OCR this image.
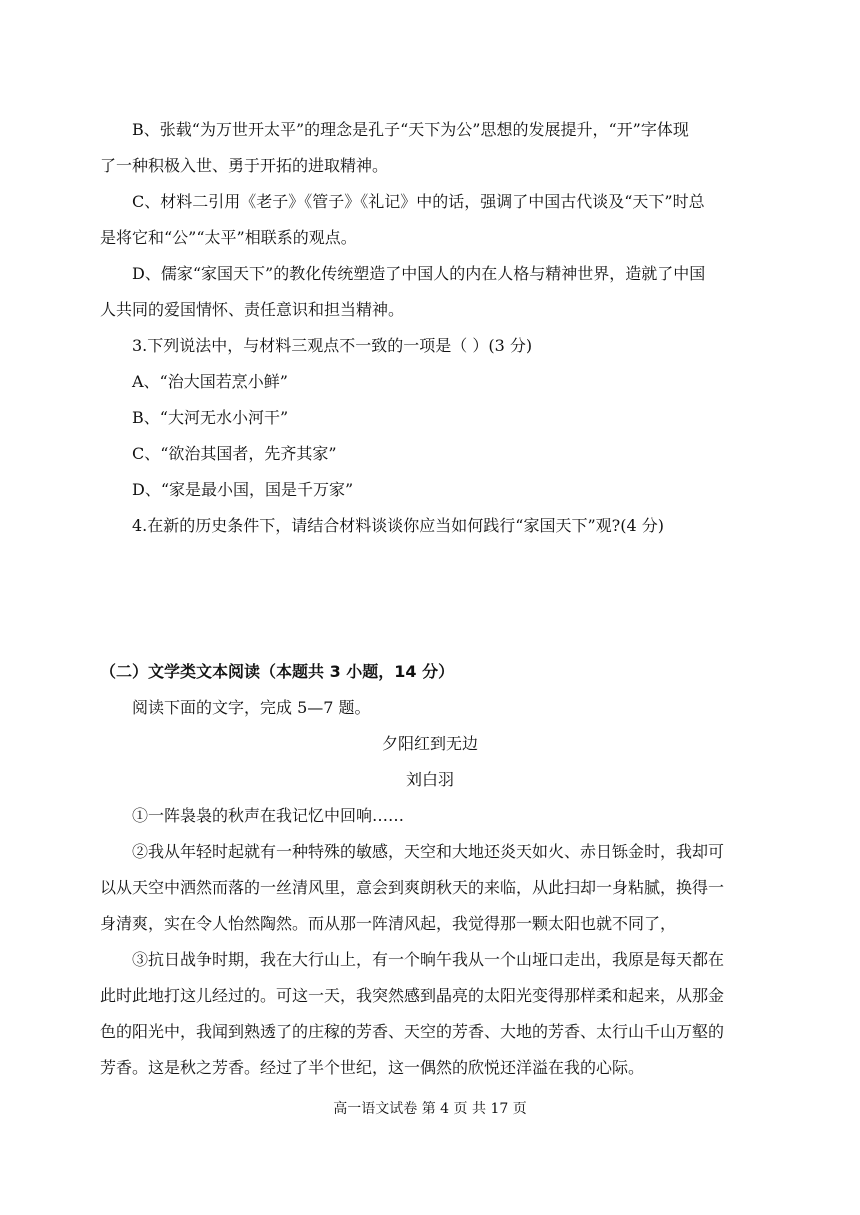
B、张载“为万世开太平”的理念是孔子“天下为公”思想的发展提升，“开”字体现
了一种积极入世、勇于开拓的进取精神。
C、材料二引用《老子》《管子》《礼记》中的话，强调了中国古代谈及“天下”时总
是将它和“公”“太平”相联系的观点。
D、儒家“家国天下”的教化传统塑造了中国人的内在人格与精神世界，造就了中国
人共同的爱国情怀、责任意识和担当精神。
3.下列说法中，与材料三观点不一致的一项是（ ）(3 分)
A、“治大国若烹小鲜”
B、“大河无水小河干”
C、“欲治其国者，先齐其家”
D、“家是最小国，国是千万家”
4.在新的历史条件下，请结合材料谈谈你应当如何践行“家国天下”观?(4 分)
（二）文学类文本阅读（本题共 3 小题，14 分）
阅读下面的文字，完成 5—7 题。
夕阳红到无边
刘白羽
①一阵袅袅的秋声在我记忆中回响……
②我从年轻时起就有一种特殊的敏感，天空和大地还炎天如火、赤日铄金时，我却可
以从天空中洒然而落的一丝清风里，意会到爽朗秋天的来临，从此扫却一身粘腻，换得一
身清爽，实在令人怡然陶然。而从那一阵清风起，我觉得那一颗太阳也就不同了，
③抗日战争时期，我在大行山上，有一个晌午我从一个山垭口走出，我原是每天都在
此时此地打这儿经过的。可这一天，我突然感到晶亮的太阳光变得那样柔和起来，从那金
色的阳光中，我闻到熟透了的庄稼的芳香、天空的芳香、大地的芳香、太行山千山万壑的
芳香。这是秋之芳香。经过了半个世纪，这一偶然的欣悦还洋溢在我的心际。
高一语文试卷 第 4 页 共 17 页
